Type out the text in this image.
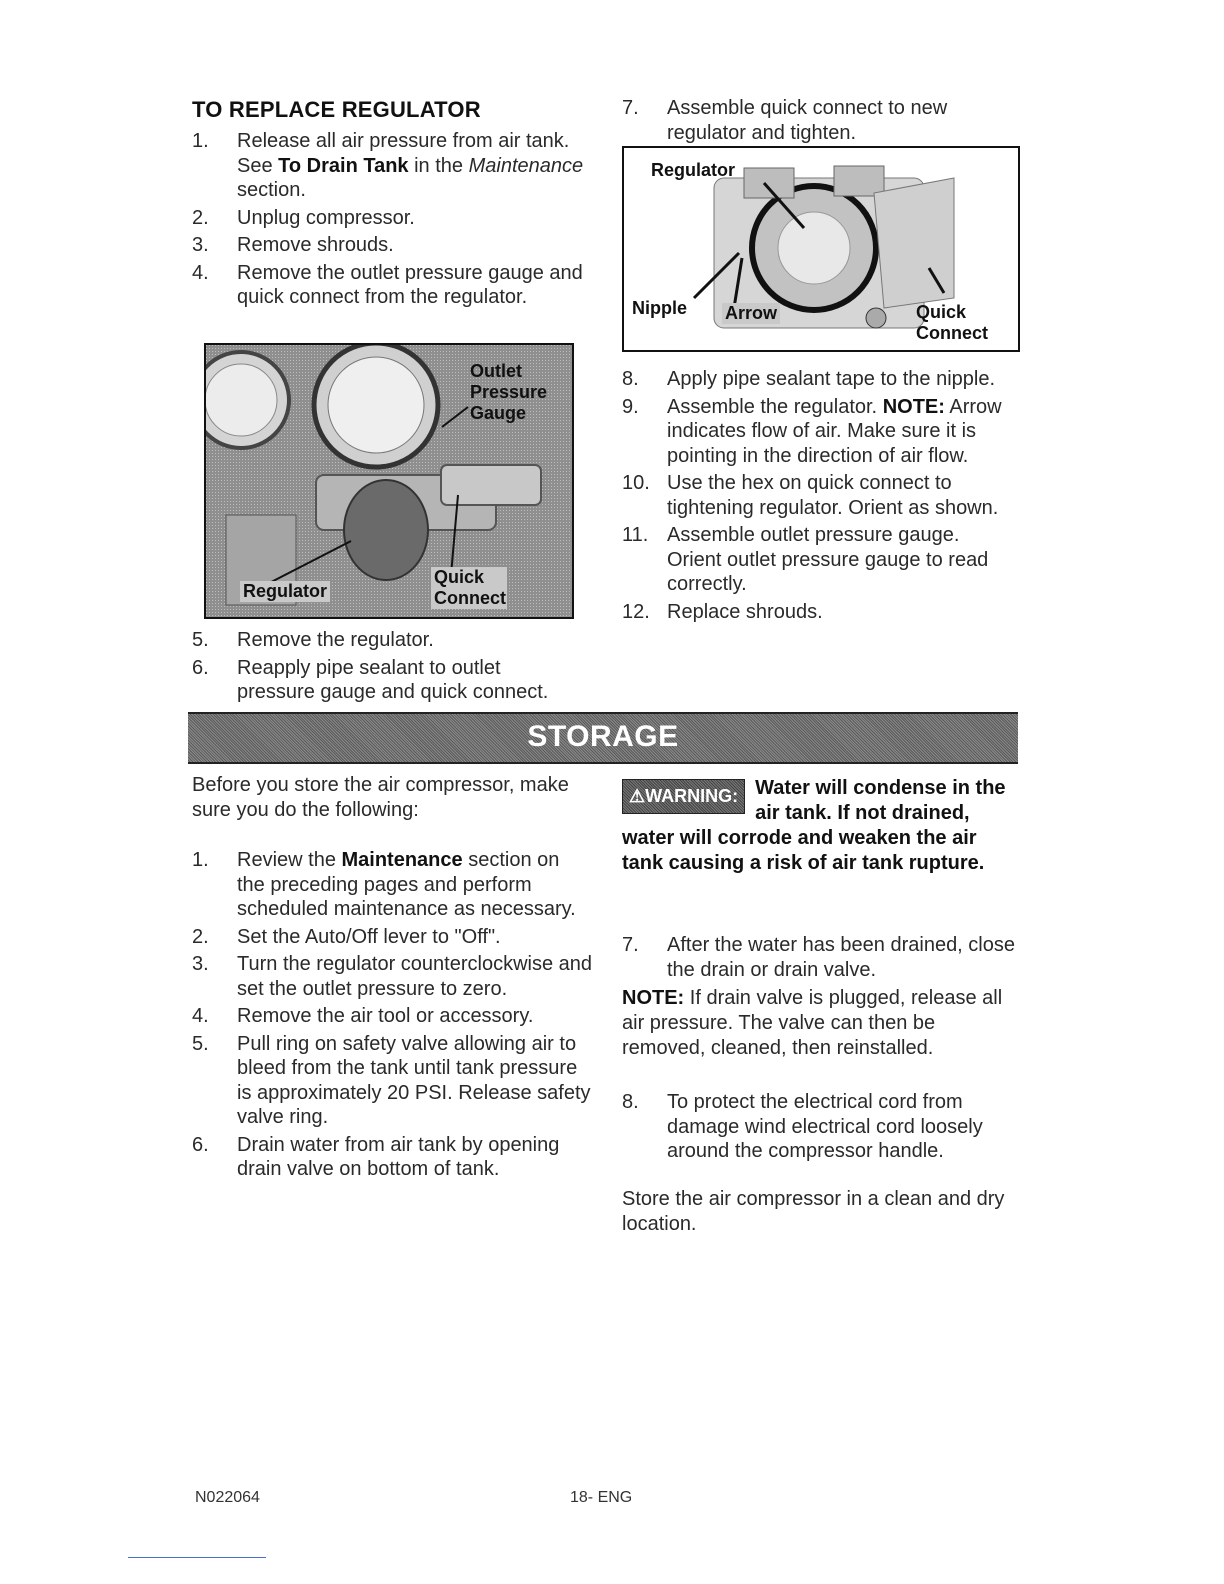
TO REPLACE REGULATOR
1. Release all air pressure from air tank. See To Drain Tank in the Maintenance section.
2. Unplug compressor.
3. Remove shrouds.
4. Remove the outlet pressure gauge and quick connect from the regulator.
Outlet Pressure Gauge
Quick Connect
Regulator
5. Remove the regulator.
6. Reapply pipe sealant to outlet pressure gauge and quick connect.
7. Assemble quick connect to new regulator and tighten.
Regulator
Nipple Arrow	Quick Connect
8. Apply pipe sealant tape to the nipple.
9. Assemble the regulator. NOTE: Arrow indicates flow of air. Make sure it is pointing in the direction of air flow.
10. Use the hex on quick connect to tightening regulator. Orient as shown.
11. Assemble outlet pressure gauge. Orient outlet pressure gauge to read correctly.
12. Replace shrouds.
STORAGE
Before you store the air compressor, make sure you do the following:
1. Review the Maintenance section on the preceding pages and perform scheduled maintenance as necessary.
2. Set the Auto/Off lever to "Off".
3. Turn the regulator counterclockwise and set the outlet pressure to zero.
4. Remove the air tool or accessory.
5. Pull ring on safety valve allowing air to bleed from the tank until tank pressure is approximately 20 PSI. Release safety valve ring.
6. Drain water from air tank by opening drain valve on bottom of tank.
⚠WARNING: Water will condense in the air tank. If not drained, water will corrode and weaken the air tank causing a risk of air tank rupture.
7. After the water has been drained, close the drain or drain valve.
NOTE: If drain valve is plugged, release all air pressure. The valve can then be removed, cleaned, then reinstalled.
8. To protect the electrical cord from damage wind electrical cord loosely around the compressor handle.
Store the air compressor in a clean and dry location.
N022064	18- ENG
